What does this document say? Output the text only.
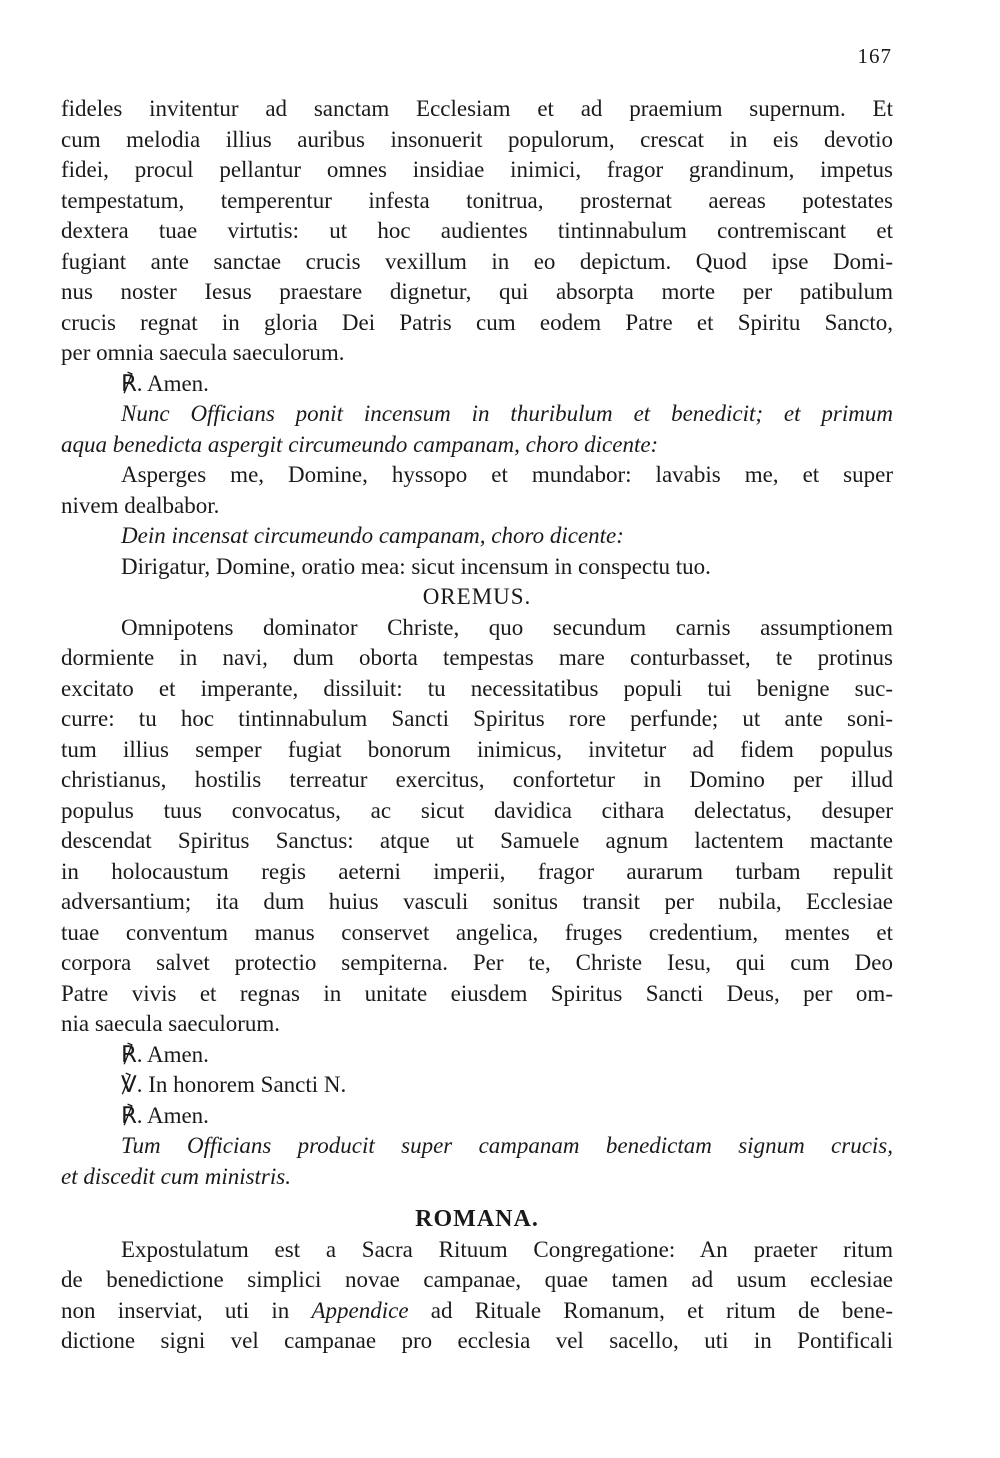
167
fideles invitentur ad sanctam Ecclesiam et ad praemium supernum. Et
cum melodia illius auribus insonuerit populorum, crescat in eis devotio
fidei, procul pellantur omnes insidiae inimici, fragor grandinum, impetus
tempestatum, temperentur infesta tonitrua, prosternat aereas potestates
dextera tuae virtutis: ut hoc audientes tintinnabulum contremiscant et
fugiant ante sanctae crucis vexillum in eo depictum. Quod ipse Domi-
nus noster Iesus praestare dignetur, qui absorpta morte per patibulum
crucis regnat in gloria Dei Patris cum eodem Patre et Spiritu Sancto,
per omnia saecula saeculorum.
℟. Amen.
Nunc Officians ponit incensum in thuribulum et benedicit; et primum
aqua benedicta aspergit circumeundo campanam, choro dicente:
Asperges me, Domine, hyssopo et mundabor: lavabis me, et super
nivem dealbabor.
Dein incensat circumeundo campanam, choro dicente:
Dirigatur, Domine, oratio mea: sicut incensum in conspectu tuo.
OREMUS.
Omnipotens dominator Christe, quo secundum carnis assumptionem
dormiente in navi, dum oborta tempestas mare conturbasset, te protinus
excitato et imperante, dissiluit: tu necessitatibus populi tui benigne suc-
curre: tu hoc tintinnabulum Sancti Spiritus rore perfunde; ut ante soni-
tum illius semper fugiat bonorum inimicus, invitetur ad fidem populus
christianus, hostilis terreatur exercitus, confortetur in Domino per illud
populus tuus convocatus, ac sicut davidica cithara delectatus, desuper
descendat Spiritus Sanctus: atque ut Samuele agnum lactentem mactante
in holocaustum regis aeterni imperii, fragor aurarum turbam repulit
adversantium; ita dum huius vasculi sonitus transit per nubila, Ecclesiae
tuae conventum manus conservet angelica, fruges credentium, mentes et
corpora salvet protectio sempiterna. Per te, Christe Iesu, qui cum Deo
Patre vivis et regnas in unitate eiusdem Spiritus Sancti Deus, per om-
nia saecula saeculorum.
℟. Amen.
℣. In honorem Sancti N.
℟. Amen.
Tum Officians producit super campanam benedictam signum crucis,
et discedit cum ministris.
ROMANA.
Expostulatum est a Sacra Rituum Congregatione: An praeter ritum
de benedictione simplici novae campanae, quae tamen ad usum ecclesiae
non inserviat, uti in Appendice ad Rituale Romanum, et ritum de bene-
dictione signi vel campanae pro ecclesia vel sacello, uti in Pontificali
